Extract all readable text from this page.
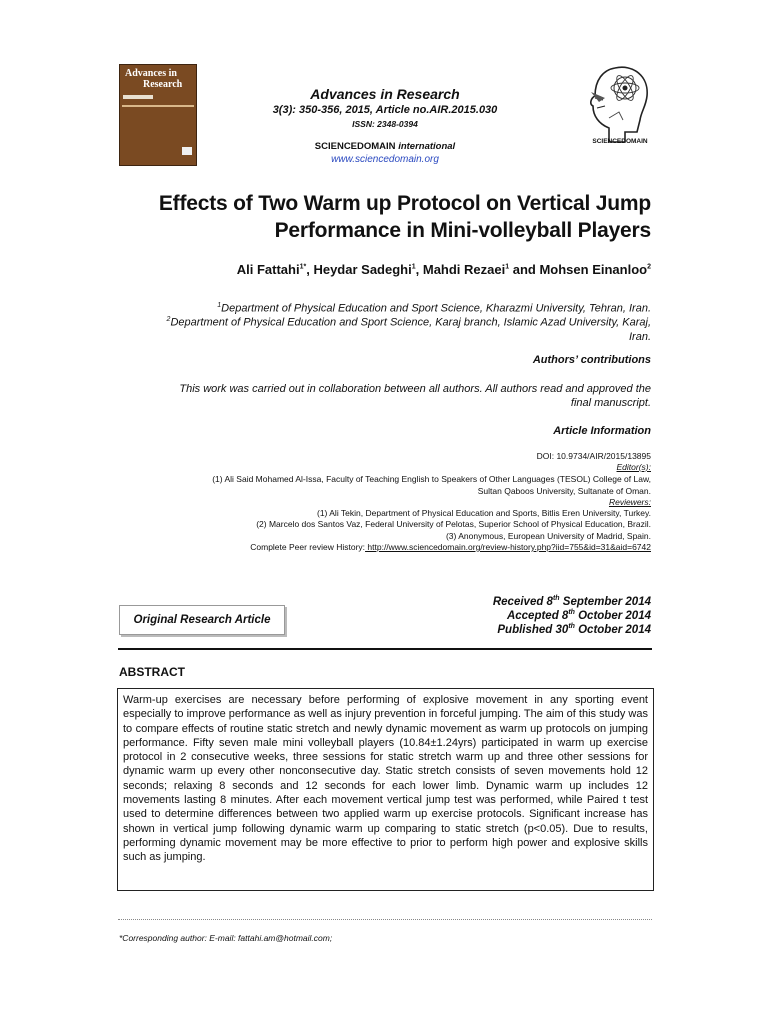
Advances in
Research
Advances in Research
3(3): 350-356, 2015, Article no.AIR.2015.030
ISSN: 2348-0394
SCIENCEDOMAIN international
www.sciencedomain.org
SCIENCEDOMAIN
Effects of Two Warm up Protocol on Vertical Jump
Performance in Mini-volleyball Players
Ali Fattahi$^{1*}$, Heydar Sadeghi$^1$, Mahdi Rezaei$^1$ and Mohsen Einanloo$^2$
$^1$Department of Physical Education and Sport Science, Kharazmi University, Tehran, Iran.
$^2$Department of Physical Education and Sport Science, Karaj branch, Islamic Azad University, Karaj,
Iran.
Authors’ contributions
This work was carried out in collaboration between all authors. All authors read and approved the
final manuscript.
Article Information
DOI: 10.9734/AIR/2015/13895
Editor(s):
(1) Ali Said Mohamed Al-Issa, Faculty of Teaching English to Speakers of Other Languages (TESOL) College of Law,
Sultan Qaboos University, Sultanate of Oman.
Reviewers:
(1) Ali Tekin, Department of Physical Education and Sports, Bitlis Eren University, Turkey.
(2) Marcelo dos Santos Vaz, Federal University of Pelotas, Superior School of Physical Education, Brazil.
(3) Anonymous, European University of Madrid, Spain.
Complete Peer review History: http://www.sciencedomain.org/review-history.php?iid=755&id=31&aid=6742
Original Research Article
Received 8th September 2014
Accepted 8th October 2014
Published 30th October 2014
ABSTRACT
Warm-up exercises are necessary before performing of explosive movement in any sporting event especially to improve performance as well as injury prevention in forceful jumping. The aim of this study was to compare effects of routine static stretch and newly dynamic movement as warm up protocols on jumping performance. Fifty seven male mini volleyball players (10.84±1.24yrs) participated in warm up exercise protocol in 2 consecutive weeks, three sessions for static stretch warm up and three other sessions for dynamic warm up every other nonconsecutive day. Static stretch consists of seven movements hold 12 seconds; relaxing 8 seconds and 12 seconds for each lower limb. Dynamic warm up includes 12 movements lasting 8 minutes. After each movement vertical jump test was performed, while Paired t test used to determine differences between two applied warm up exercise protocols. Significant increase has shown in vertical jump following dynamic warm up comparing to static stretch (p<0.05). Due to results, performing dynamic movement may be more effective to prior to perform high power and explosive skills such as jumping.
*Corresponding author: E-mail: fattahi.am@hotmail.com;
